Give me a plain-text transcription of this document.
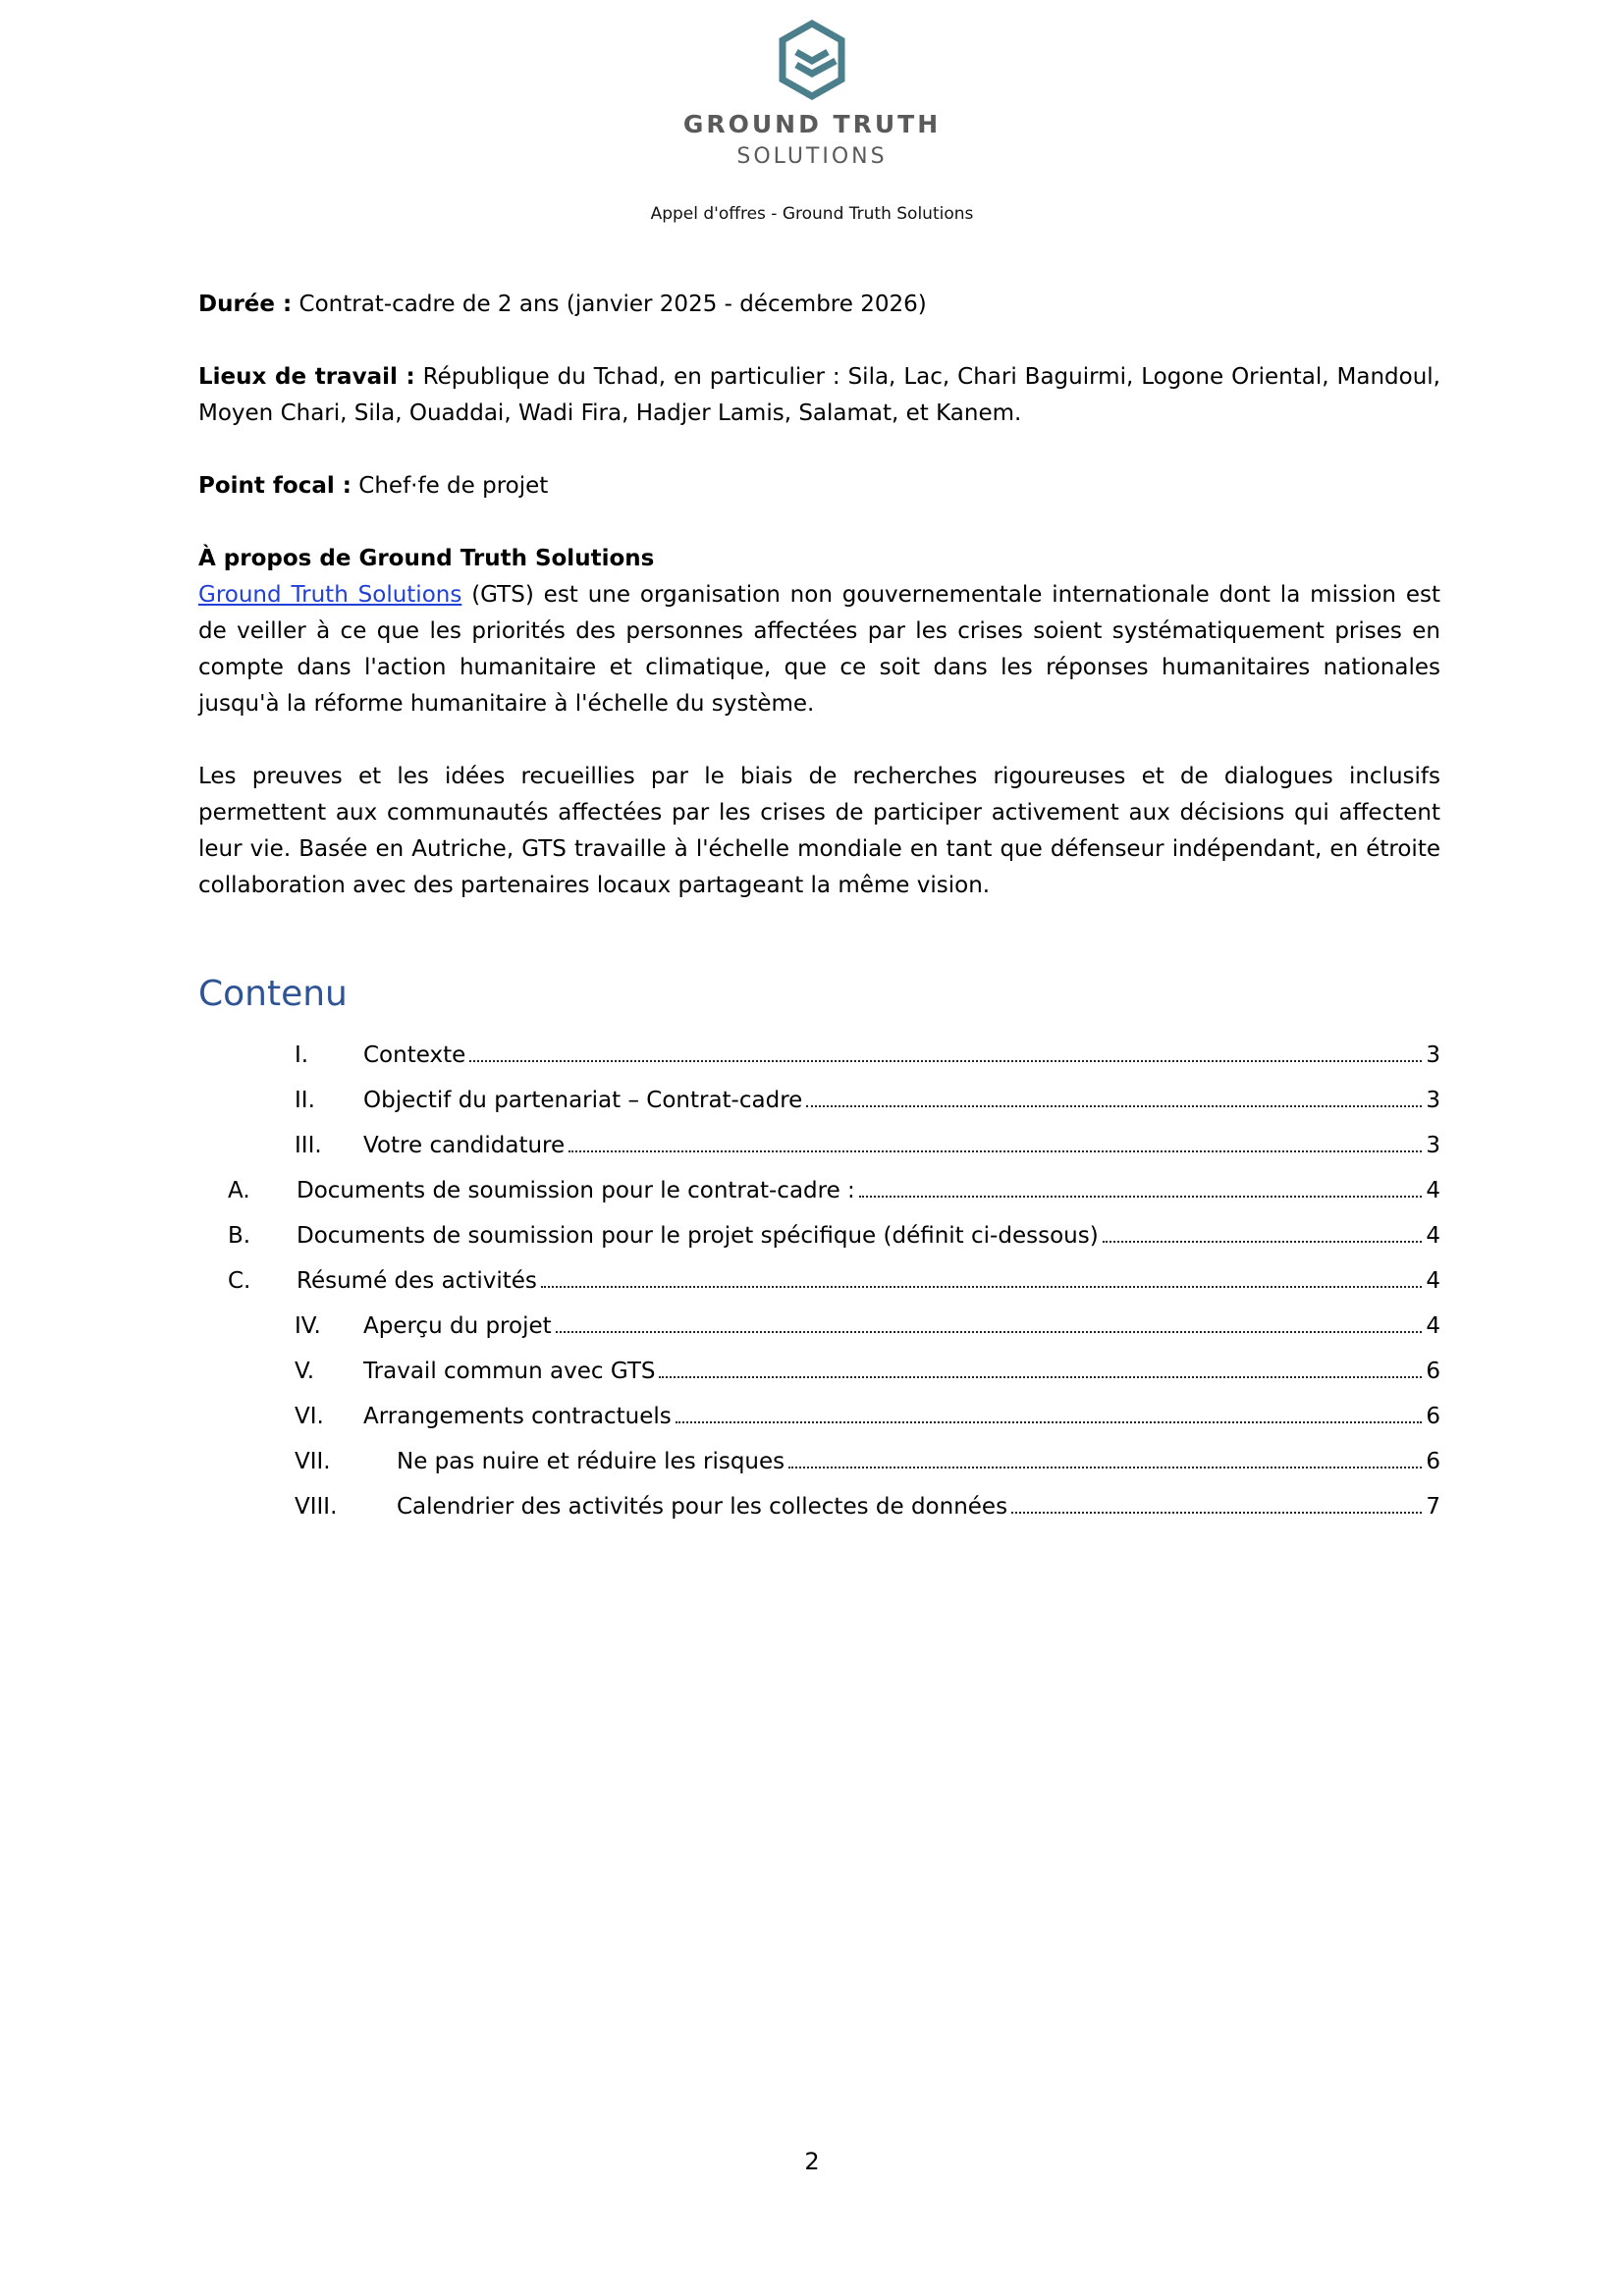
GROUND TRUTH
SOLUTIONS
Appel d'offres - Ground Truth Solutions

Durée : Contrat-cadre de 2 ans (janvier 2025 - décembre 2026)

Lieux de travail : République du Tchad, en particulier : Sila, Lac, Chari Baguirmi, Logone Oriental, Mandoul, Moyen Chari, Sila, Ouaddai, Wadi Fira, Hadjer Lamis, Salamat, et Kanem.

Point focal : Chef·fe de projet

À propos de Ground Truth Solutions

Ground Truth Solutions (GTS) est une organisation non gouvernementale internationale dont la mission est de veiller à ce que les priorités des personnes affectées par les crises soient systématiquement prises en compte dans l'action humanitaire et climatique, que ce soit dans les réponses humanitaires nationales jusqu'à la réforme humanitaire à l'échelle du système.

Les preuves et les idées recueillies par le biais de recherches rigoureuses et de dialogues inclusifs permettent aux communautés affectées par les crises de participer activement aux décisions qui affectent leur vie. Basée en Autriche, GTS travaille à l'échelle mondiale en tant que défenseur indépendant, en étroite collaboration avec des partenaires locaux partageant la même vision.

Contenu
I. Contexte	3
II. Objectif du partenariat – Contrat-cadre	3
III. Votre candidature	3
A. Documents de soumission pour le contrat-cadre :	4
B. Documents de soumission pour le projet spécifique (définit ci-dessous)	4
C. Résumé des activités	4
IV. Aperçu du projet	4
V. Travail commun avec GTS	6
VI. Arrangements contractuels	6
VII.	Ne pas nuire et réduire les risques	6
VIII.	Calendrier des activités pour les collectes de données	7
2
